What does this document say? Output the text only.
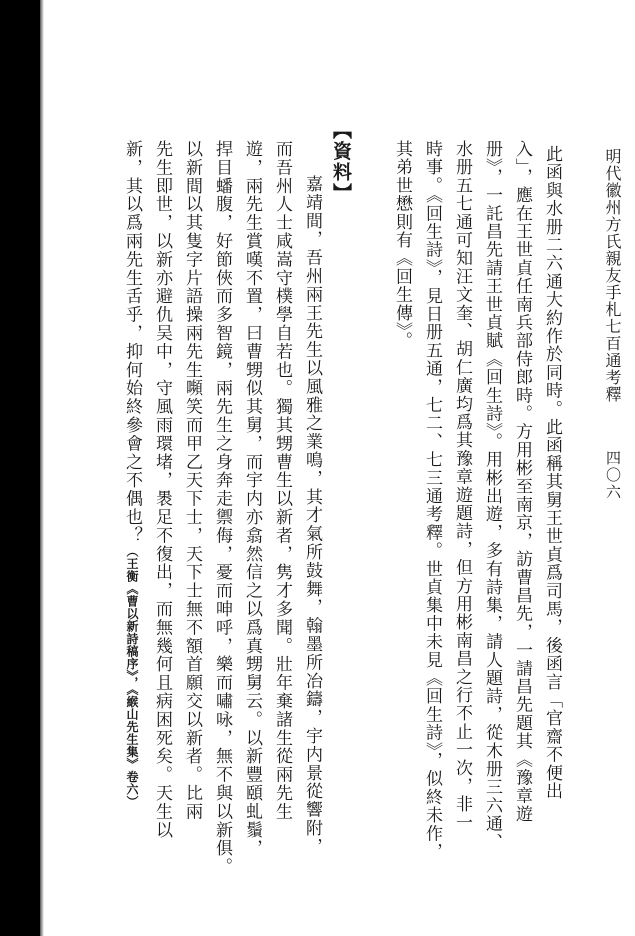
明代徽州方氏親友手札七百通考釋
四〇六
此函與水册二六通大約作於同時。此函稱其舅王世貞爲司馬，後函言「官齋不便出
入」，應在王世貞任南兵部侍郎時。方用彬至南京，訪曹昌先，一請昌先題其《豫章遊
册》，一託昌先請王世貞賦《回生詩》。用彬出遊，多有詩集，請人題詩，從木册三六通、
水册五七通可知汪文奎、胡仁廣均爲其豫章遊題詩，但方用彬南昌之行不止一次，非一
時事。《回生詩》，見日册五通，七二、七三通考釋。世貞集中未見《回生詩》，似終未作，
其弟世懋則有《回生傳》。
【資料】
嘉靖間，吾州兩王先生以風雅之業鳴，其才氣所鼓舞，翰墨所冶鑄，宇内景從響附，
而吾州人士咸嵩守樸學自若也。獨其甥曹生以新者，隽才多聞。壯年棄諸生從兩先生
遊，兩先生賞嘆不置，曰曹甥似其舅，而宇内亦翕然信之以爲真甥舅云。以新豐頤虬鬚，
捍目蟠腹，好節俠而多智鏡，兩先生之身奔走禦侮，憂而呻呼，樂而嘯咏，無不與以新俱。
以新間以其隻字片語操兩先生嚬笑而甲乙天下士，天下士無不額首願交以新者。比兩
先生即世，以新亦避仇吴中，守風雨環堵，褁足不復出，而無幾何且病困死矣。天生以
新，其以爲兩先生舌乎，抑何始終參會之不偶也？（王衡《曹以新詩稿序》，《緱山先生集》卷六）
